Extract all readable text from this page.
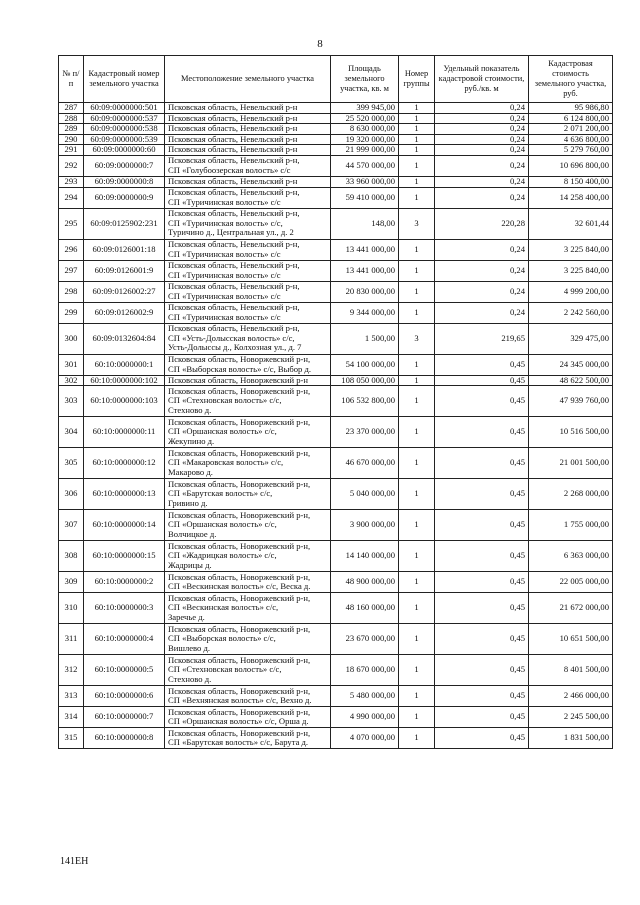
8
№ п/п	Кадастровый номер земельного участка	Местоположение земельного участка	Площадь земельного участка, кв. м	Номер группы	Удельный показатель кадастровой стоимости, руб./кв. м	Кадастровая стоимость земельного участка, руб.
287	60:09:0000000:501	Псковская область, Невельский р-н	399 945,00	1	0,24	95 986,80
288	60:09:0000000:537	Псковская область, Невельский р-н	25 520 000,00	1	0,24	6 124 800,00
289	60:09:0000000:538	Псковская область, Невельский р-н	8 630 000,00	1	0,24	2 071 200,00
290	60:09:0000000:539	Псковская область, Невельский р-н	19 320 000,00	1	0,24	4 636 800,00
291	60:09:0000000:60	Псковская область, Невельский р-н	21 999 000,00	1	0,24	5 279 760,00
292	60:09:0000000:7	Псковская область, Невельский р-н,
СП «Голубоозерская волость» с/с	44 570 000,00	1	0,24	10 696 800,00
293	60:09:0000000:8	Псковская область, Невельский р-н	33 960 000,00	1	0,24	8 150 400,00
294	60:09:0000000:9	Псковская область, Невельский р-н,
СП «Туричинская волость» с/с	59 410 000,00	1	0,24	14 258 400,00
295	60:09:0125902:231	Псковская область, Невельский р-н,
СП «Туричинская волость» с/с,
Туричино д., Центральная ул., д. 2	148,00	3	220,28	32 601,44
296	60:09:0126001:18	Псковская область, Невельский р-н,
СП «Туричинская волость» с/с	13 441 000,00	1	0,24	3 225 840,00
297	60:09:0126001:9	Псковская область, Невельский р-н,
СП «Туричинская волость» с/с	13 441 000,00	1	0,24	3 225 840,00
298	60:09:0126002:27	Псковская область, Невельский р-н,
СП «Туричинская волость» с/с	20 830 000,00	1	0,24	4 999 200,00
299	60:09:0126002:9	Псковская область, Невельский р-н,
СП «Туричинская волость» с/с	9 344 000,00	1	0,24	2 242 560,00
300	60:09:0132604:84	Псковская область, Невельский р-н,
СП «Усть-Долысская волость» с/с,
Усть-Долыссы д., Колхозная ул., д. 7	1 500,00	3	219,65	329 475,00
301	60:10:0000000:1	Псковская область, Новоржевский р-н,
СП «Выборская волость» с/с, Выбор д.	54 100 000,00	1	0,45	24 345 000,00
302	60:10:0000000:102	Псковская область, Новоржевский р-н	108 050 000,00	1	0,45	48 622 500,00
303	60:10:0000000:103	Псковская область, Новоржевский р-н,
СП «Стехновская волость» с/с,
Стехново д.	106 532 800,00	1	0,45	47 939 760,00
304	60:10:0000000:11	Псковская область, Новоржевский р-н,
СП «Оршанская волость» с/с,
Жекупино д.	23 370 000,00	1	0,45	10 516 500,00
305	60:10:0000000:12	Псковская область, Новоржевский р-н,
СП «Макаровская волость» с/с,
Макарово д.	46 670 000,00	1	0,45	21 001 500,00
306	60:10:0000000:13	Псковская область, Новоржевский р-н,
СП «Барутская волость» с/с,
Гривино д.	5 040 000,00	1	0,45	2 268 000,00
307	60:10:0000000:14	Псковская область, Новоржевский р-н,
СП «Оршанская волость» с/с,
Волчицкое д.	3 900 000,00	1	0,45	1 755 000,00
308	60:10:0000000:15	Псковская область, Новоржевский р-н,
СП «Жадрицкая волость» с/с,
Жадрицы д.	14 140 000,00	1	0,45	6 363 000,00
309	60:10:0000000:2	Псковская область, Новоржевский р-н,
СП «Вескинская волость» с/с, Веска д.	48 900 000,00	1	0,45	22 005 000,00
310	60:10:0000000:3	Псковская область, Новоржевский р-н,
СП «Вескинская волость» с/с,
Заречье д.	48 160 000,00	1	0,45	21 672 000,00
311	60:10:0000000:4	Псковская область, Новоржевский р-н,
СП «Выборская волость» с/с,
Вишлево д.	23 670 000,00	1	0,45	10 651 500,00
312	60:10:0000000:5	Псковская область, Новоржевский р-н,
СП «Стехновская волость» с/с,
Стехново д.	18 670 000,00	1	0,45	8 401 500,00
313	60:10:0000000:6	Псковская область, Новоржевский р-н,
СП «Вехнянская волость» с/с, Вехно д.	5 480 000,00	1	0,45	2 466 000,00
314	60:10:0000000:7	Псковская область, Новоржевский р-н,
СП «Оршанская волость» с/с, Орша д.	4 990 000,00	1	0,45	2 245 500,00
315	60:10:0000000:8	Псковская область, Новоржевский р-н,
СП «Барутская волость» с/с, Барута д.	4 070 000,00	1	0,45	1 831 500,00
141ЕН
